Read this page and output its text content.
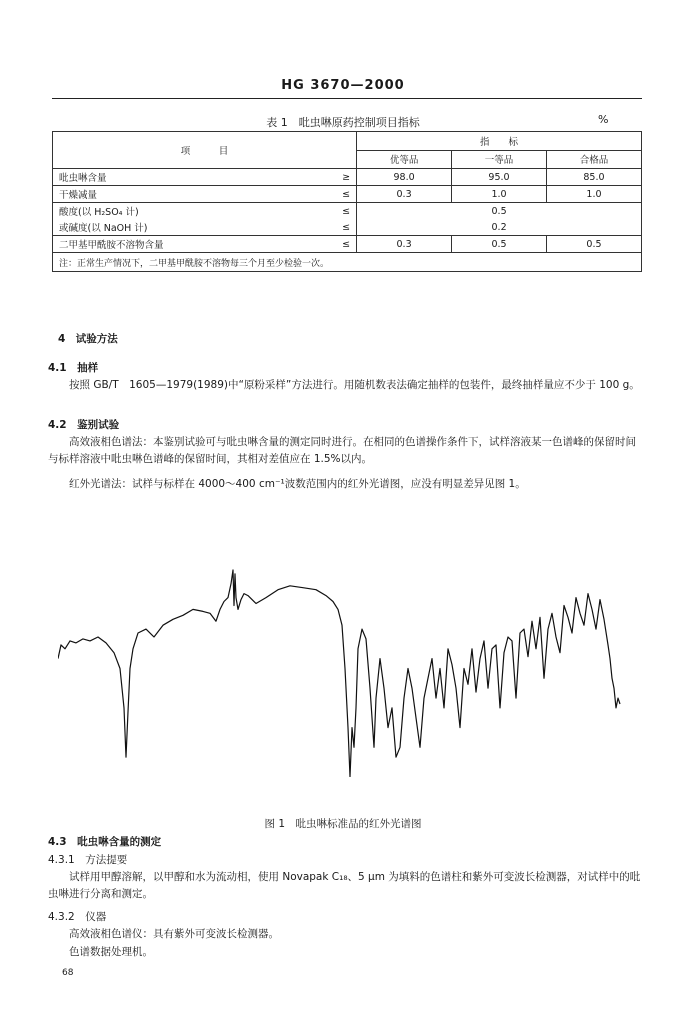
HG 3670—2000
表 1　吡虫啉原药控制项目指标	%
项　　　目		指　　标		
		优等品	一等品	合格品
吡虫啉含量	≥	98.0	95.0	85.0
干燥减量	≤	0.3	1.0	1.0
酸度(以 H₂SO₄ 计)	≤	0.5		
或碱度(以 NaOH 计)	≤	0.2		
二甲基甲酰胺不溶物含量	≤	0.3	0.5	0.5
注：正常生产情况下，二甲基甲酰胺不溶物每三个月至少检验一次。				
4　试验方法
4.1　抽样
按照 GB/T　1605—1979(1989)中“原粉采样”方法进行。用随机数表法确定抽样的包装件，最终抽样量应不少于 100 g。
4.2　鉴别试验
高效液相色谱法：本鉴别试验可与吡虫啉含量的测定同时进行。在相同的色谱操作条件下，试样溶液某一色谱峰的保留时间与标样溶液中吡虫啉色谱峰的保留时间，其相对差值应在 1.5%以内。
红外光谱法：试样与标样在 4000～400 cm⁻¹波数范围内的红外光谱图，应没有明显差异见图 1。
图 1　吡虫啉标准品的红外光谱图
4.3　吡虫啉含量的测定
4.3.1　方法提要
试样用甲醇溶解，以甲醇和水为流动相，使用 Novapak C₁₈、5 μm 为填料的色谱柱和紫外可变波长检测器，对试样中的吡虫啉进行分离和测定。
4.3.2　仪器
高效液相色谱仪：具有紫外可变波长检测器。
色谱数据处理机。
68
